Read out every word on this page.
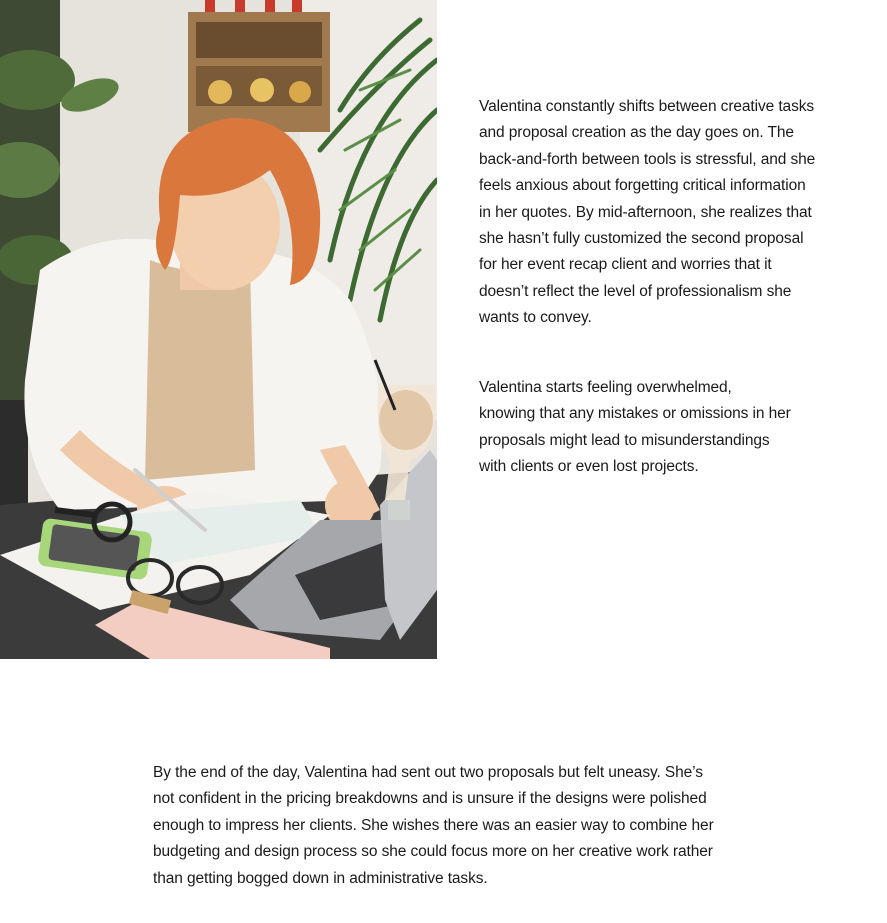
Valentina constantly shifts between creative tasks
and proposal creation as the day goes on. The
back-and-forth between tools is stressful, and she
feels anxious about forgetting critical information
in her quotes. By mid-afternoon, she realizes that
she hasn’t fully customized the second proposal
for her event recap client and worries that it
doesn’t reflect the level of professionalism she
wants to convey.

Valentina starts feeling overwhelmed,
knowing that any mistakes or omissions in her
proposals might lead to misunderstandings
with clients or even lost projects.

By the end of the day, Valentina had sent out two proposals but felt uneasy. She’s
not confident in the pricing breakdowns and is unsure if the designs were polished
enough to impress her clients. She wishes there was an easier way to combine her
budgeting and design process so she could focus more on her creative work rather
than getting bogged down in administrative tasks.
